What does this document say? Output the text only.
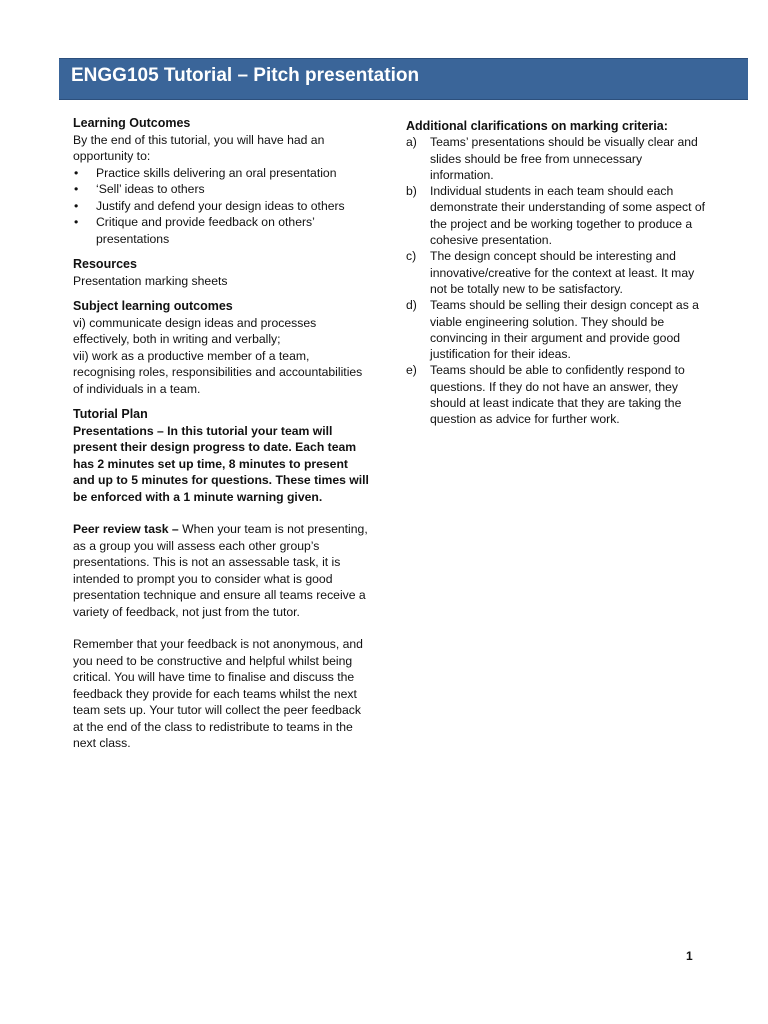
ENGG105 Tutorial – Pitch presentation

Learning Outcomes

By the end of this tutorial, you will have had an opportunity to:

• Practice skills delivering an oral presentation
• ‘Sell’ ideas to others
• Justify and defend your design ideas to others
• Critique and provide feedback on others’ presentations

Resources

Presentation marking sheets

Subject learning outcomes

vi) communicate design ideas and processes effectively, both in writing and verbally;

vii) work as a productive member of a team, recognising roles, responsibilities and accountabilities of individuals in a team.

Tutorial Plan

Presentations – In this tutorial your team will present their design progress to date. Each team has 2 minutes set up time, 8 minutes to present and up to 5 minutes for questions. These times will be enforced with a 1 minute warning given.

Peer review task – When your team is not presenting, as a group you will assess each other group’s presentations. This is not an assessable task, it is intended to prompt you to consider what is good presentation technique and ensure all teams receive a variety of feedback, not just from the tutor.

Remember that your feedback is not anonymous, and you need to be constructive and helpful whilst being critical. You will have time to finalise and discuss the feedback they provide for each teams whilst the next team sets up. Your tutor will collect the peer feedback at the end of the class to redistribute to teams in the next class.

Additional clarifications on marking criteria:

a) Teams’ presentations should be visually clear and slides should be free from unnecessary information.
b) Individual students in each team should each demonstrate their understanding of some aspect of the project and be working together to produce a cohesive presentation.
c) The design concept should be interesting and innovative/creative for the context at least. It may not be totally new to be satisfactory.
d) Teams should be selling their design concept as a viable engineering solution. They should be convincing in their argument and provide good justification for their ideas.
e) Teams should be able to confidently respond to questions. If they do not have an answer, they should at least indicate that they are taking the question as advice for further work.
1
